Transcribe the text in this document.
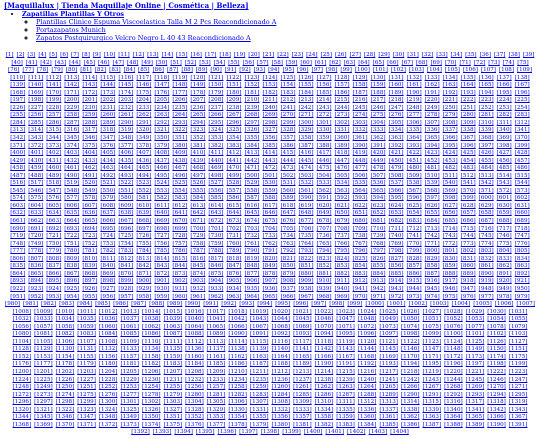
[Maquillalux | Tienda Maquillaje Online | Cosmética | Belleza]
• Zapatillas Plantillas Y Otros
◦ Plantillas Clinico Espuma Viscoelastica Talla M 2 Pcs Reacondicionado A
◦ Portazapatos Munich
◦ Zapatos Postquirurgico Velcro Negro L 40 43 Reacondicionado A
[1] [2] [3] [4] [5] [6] [7] [8] [9] [10] [11] [12] [13] [14] [15] [16] [17] [18] [19] [20] [21] [22] [23] [24] [25] [26] [27] [28] [29] [30] [31] [32] [33] [34] [35] [36] [37] [38] [39] [40] [41] [42] [43] [44] [45] [46] [47] [48] [49] [50] [51] [52] [53] [54] [55] [56] [57] [58] [59] [60] [61] [62] [63] [64] [65] [66] [67] [68] [69] [70] [71] [72] [73] [74] [75] [76] [77] [78] [79] [80] [81] [82] [83] [84] [85] [86] [87] [88] [89] [90] [91] [92] [93] [94] [95] [96] [97] [98] [99] [100] [101] [102] [103] [104] [105] [106] [107] [108] [109] [110] [111] [112] [113] [114] [115] [116] [117] [118] [119] [120] [121] [122] [123] [124] [125] [126] [127] [128] [129] [130] [131] [132] [133] [134] [135] [136] [137] [138] [139] [140] [141] [142] [143] [144] [145] [146] [147] [148] [149] [150] [151] [152] [153] [154] [155] [156] [157] [158] [159] [160] [161] [162] [163] [164] [165] [166] [167] [168] [169] [170] [171] [172] [173] [174] [175] [176] [177] [178] [179] [180] [181] [182] [183] [184] [185] [186] [187] [188] [189] [190] [191] [192] [193] [194] [195] [196] [197] [198] [199] [200] [201] [202] [203] [204] [205] [206] [207] [208] [209] [210] [211] [212] [213] [214] [215] [216] [217] [218] [219] [220] [221] [222] [223] [224] [225] [226] [227] [228] [229] [230] [231] [232] [233] [234] [235] [236] [237] [238] [239] [240] [241] [242] [243] [244] [245] [246] [247] [248] [249] [250] [251] [252] [253] [254] [255] [256] [257] [258] [259] [260] [261] [262] [263] [264] [265] [266] [267] [268] [269] [270] [271] [272] [273] [274] [275] [276] [277] [278] [279] [280] [281] [282] [283] [284] [285] [286] [287] [288] [289] [290] [291] [292] [293] [294] [295] [296] [297] [298] [299] [300] [301] [302] [303] [304] [305] [306] [307] [308] [309] [310] [311] [312] [313] [314] [315] [316] [317] [318] [319] [320] [321] [322] [323] [324] [325] [326] [327] [328] [329] [330] [331] [332] [333] [334] [335] [336] [337] [338] [339] [340] [341] [342] [343] [344] [345] [346] [347] [348] [349] [350] [351] [352] [353] [354] [355] [356] [357] [358] [359] [360] [361] [362] [363] [364] [365] [366] [367] [368] [369] [370] [371] [372] [373] [374] [375] [376] [377] [378] [379] [380] [381] [382] [383] [384] [385] [386] [387] [388] [389] [390] [391] [392] [393] [394] [395] [396] [397] [398] [399] [400] [401] [402] [403] [404] [405] [406] [407] [408] [409] [410] [411] [412] [413] [414] [415] [416] [417] [418] [419] [420] [421] [422] [423] [424] [425] [426] [427] [428] [429] [430] [431] [432] [433] [434] [435] [436] [437] [438] [439] [440] [441] [442] [443] [444] [445] [446] [447] [448] [449] [450] [451] [452] [453] [454] [455] [456] [457] [458] [459] [460] [461] [462] [463] [464] [465] [466] [467] [468] [469] [470] [471] [472] [473] [474] [475] [476] [477] [478] [479] [480] [481] [482] [483] [484] [485] [486] [487] [488] [489] [490] [491] [492] [493] [494] [495] [496] [497] [498] [499] [500] [501] [502] [503] [504] [505] [506] [507] [508] [509] [510] [511] [512] [513] [514] [515] [516] [517] [518] [519] [520] [521] [522] [523] [524] [525] [526] [527] [528] [529] [530] [531] [532] [533] [534] [535] [536] [537] [538] [539] [540] [541] [542] [543] [544] [545] [546] [547] [548] [549] [550] [551] [552] [553] [554] [555] [556] [557] [558] [559] [560] [561] [562] [563] [564] [565] [566] [567] [568] [569] [570] [571] [572] [573] [574] [575] [576] [577] [578] [579] [580] [581] [582] [583] [584] [585] [586] [587] [588] [589] [590] [591] [592] [593] [594] [595] [596] [597] [598] [599] [600] [601] [602] [603] [604] [605] [606] [607] [608] [609] [610] [611] [612] [613] [614] [615] [616] [617] [618] [619] [620] [621] [622] [623] [624] [625] [626] [627] [628] [629] [630] [631] [632] [633] [634] [635] [636] [637] [638] [639] [640] [641] [642] [643] [644] [645] [646] [647] [648] [649] [650] [651] [652] [653] [654] [655] [656] [657] [658] [659] [660] [661] [662] [663] [664] [665] [666] [667] [668] [669] [670] [671] [672] [673] [674] [675] [676] [677] [678] [679] [680] [681] [682] [683] [684] [685] [686] [687] [688] [689] [690] [691] [692] [693] [694] [695] [696] [697] [698] [699] [700] [701] [702] [703] [704] [705] [706] [707] [708] [709] [710] [711] [712] [713] [714] [715] [716] [717] [718] [719] [720] [721] [722] [723] [724] [725] [726] [727] [728] [729] [730] [731] [732] [733] [734] [735] [736] [737] [738] [739] [740] [741] [742] [743] [744] [745] [746] [747] [748] [749] [750] [751] [752] [753] [754] [755] [756] [757] [758] [759] [760] [761] [762] [763] [764] [765] [766] [767] [768] [769] [770] [771] [772] [773] [774] [775] [776] [777] [778] [779] [780] [781] [782] [783] [784] [785] [786] [787] [788] [789] [790] [791] [792] [793] [794] [795] [796] [797] [798] [799] [800] [801] [802] [803] [804] [805] [806] [807] [808] [809] [810] [811] [812] [813] [814] [815] [816] [817] [818] [819] [820] [821] [822] [823] [824] [825] [826] [827] [828] [829] [830] [831] [832] [833] [834] [835] [836] [837] [838] [839] [840] [841] [842] [843] [844] [845] [846] [847] [848] [849] [850] [851] [852] [853] [854] [855] [856] [857] [858] [859] [860] [861] [862] [863] [864] [865] [866] [867] [868] [869] [870] [871] [872] [873] [874] [875] [876] [877] [878] [879] [880] [881] [882] [883] [884] [885] [886] [887] [888] [889] [890] [891] [892] [893] [894] [895] [896] [897] [898] [899] [900] [901] [902] [903] [904] [905] [906] [907] [908] [909] [910] [911] [912] [913] [914] [915] [916] [917] [918] [919] [920] [921] [922] [923] [924] [925] [926] [927] [928] [929] [930] [931] [932] [933] [934] [935] [936] [937] [938] [939] [940] [941] [942] [943] [944] [945] [946] [947] [948] [949] [950] [951] [952] [953] [954] [955] [956] [957] [958] [959] [960] [961] [962] [963] [964] [965] [966] [967] [968] [969] [970] [971] [972] [973] [974] [975] [976] [977] [978] [979] [980] [981] [982] [983] [984] [985] [986] [987] [988] [989] [990] [991] [992] [993] [994] [995] [996] [997] [998] [999] [1000] [1001] [1002] [1003] [1004] [1005] [1006] [1007] [1008] [1009] [1010] [1011] [1012] [1013] [1014] [1015] [1016] [1017] [1018] [1019] [1020] [1021] [1022] [1023] [1024] [1025] [1026] [1027] [1028] [1029] [1030] [1031] [1032] [1033] [1034] [1035] [1036] [1037] [1038] [1039] [1040] [1041] [1042] [1043] [1044] [1045] [1046] [1047] [1048] [1049] [1050] [1051] [1052] [1053] [1054] [1055] [1056] [1057] [1058] [1059] [1060] [1061] [1062] [1063] [1064] [1065] [1066] [1067] [1068] [1069] [1070] [1071] [1072] [1073] [1074] [1075] [1076] [1077] [1078] [1079] [1080] [1081] [1082] [1083] [1084] [1085] [1086] [1087] [1088] [1089] [1090] [1091] [1092] [1093] [1094] [1095] [1096] [1097] [1098] [1099] [1100] [1101] [1102] [1103] [1104] [1105] [1106] [1107] [1108] [1109] [1110] [1111] [1112] [1113] [1114] [1115] [1116] [1117] [1118] [1119] [1120] [1121] [1122] [1123] [1124] [1125] [1126] [1127] [1128] [1129] [1130] [1131] [1132] [1133] [1134] [1135] [1136] [1137] [1138] [1139] [1140] [1141] [1142] [1143] [1144] [1145] [1146] [1147] [1148] [1149] [1150] [1151] [1152] [1153] [1154] [1155] [1156] [1157] [1158] [1159] [1160] [1161] [1162] [1163] [1164] [1165] [1166] [1167] [1168] [1169] [1170] [1171] [1172] [1173] [1174] [1175] [1176] [1177] [1178] [1179] [1180] [1181] [1182] [1183] [1184] [1185] [1186] [1187] [1188] [1189] [1190] [1191] [1192] [1193] [1194] [1195] [1196] [1197] [1198] [1199] [1200] [1201] [1202] [1203] [1204] [1205] [1206] [1207] [1208] [1209] [1210] [1211] [1212] [1213] [1214] [1215] [1216] [1217] [1218] [1219] [1220] [1221] [1222] [1223] [1224] [1225] [1226] [1227] [1228] [1229] [1230] [1231] [1232] [1233] [1234] [1235] [1236] [1237] [1238] [1239] [1240] [1241] [1242] [1243] [1244] [1245] [1246] [1247] [1248] [1249] [1250] [1251] [1252] [1253] [1254] [1255] [1256] [1257] [1258] [1259] [1260] [1261] [1262] [1263] [1264] [1265] [1266] [1267] [1268] [1269] [1270] [1271] [1272] [1273] [1274] [1275] [1276] [1277] [1278] [1279] [1280] [1281] [1282] [1283] [1284] [1285] [1286] [1287] [1288] [1289] [1290] [1291] [1292] [1293] [1294] [1295] [1296] [1297] [1298] [1299] [1300] [1301] [1302] [1303] [1304] [1305] [1306] [1307] [1308] [1309] [1310] [1311] [1312] [1313] [1314] [1315] [1316] [1317] [1318] [1319] [1320] [1321] [1322] [1323] [1324] [1325] [1326] [1327] [1328] [1329] [1330] [1331] [1332] [1333] [1334] [1335] [1336] [1337] [1338] [1339] [1340] [1341] [1342] [1343] [1344] [1345] [1346] [1347] [1348] [1349] [1350] [1351] [1352] [1353] [1354] [1355] [1356] [1357] [1358] [1359] [1360] [1361] [1362] [1363] [1364] [1365] [1366] [1367] [1368] [1369] [1370] [1371] [1372] [1373] [1374] [1375] [1376] [1377] [1378] [1379] [1380] [1381] [1382] [1383] [1384] [1385] [1386] [1387] [1388] [1389] [1390] [1391] [1392] [1393] [1394] [1395] [1396] [1397] [1398] [1399] [1400] [1401] [1402] [1403] [1404]
